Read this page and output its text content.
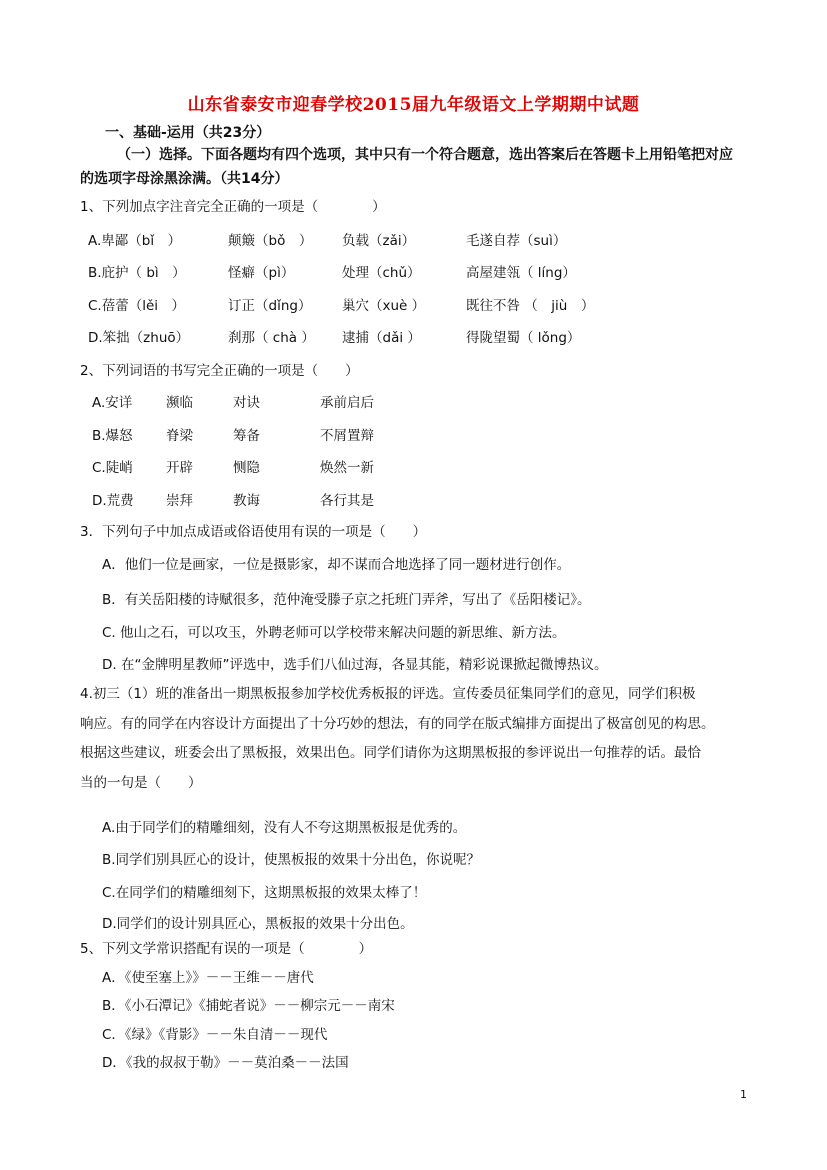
山东省泰安市迎春学校2015届九年级语文上学期期中试题
一、基础-运用（共23分）
（一）选择。下面各题均有四个选项，其中只有一个符合题意，选出答案后在答题卡上用铅笔把对应
的选项字母涂黑涂满。（共14分）
1、下列加点字注音完全正确的一项是（　　　　）
A.卑鄙（bǐ　）	颠簸（bǒ　） 负载（zǎi）	毛遂自荐（suì）
B.庇护（ bì　）	怪癖（pì）	处理（chǔ）	高屋建瓴（ líng）
C.蓓蕾（lěi　）	订正（dǐng） 巢穴（xuè ）	既往不咎 （　jiù　）
D.笨拙（zhuō）	刹那（ chà ） 逮捕（dǎi ）	得陇望蜀（ lǒng）
2、下列词语的书写完全正确的一项是（　　）
A.安详 濒临	对诀	承前启后
B.爆怒 脊梁	筹备	不屑置辩
C.陡峭 开辟	恻隐	焕然一新
D.荒费 崇拜	教诲	各行其是
3．下列句子中加点成语或俗语使用有误的一项是（　　）
A．他们一位是画家，一位是摄影家，却不谋而合地选择了同一题材进行创作。
B．有关岳阳楼的诗赋很多，范仲淹受滕子京之托班门弄斧，写出了《岳阳楼记》。
C. 他山之石，可以攻玉，外聘老师可以学校带来解决问题的新思维、新方法。
D. 在“金牌明星教师”评选中，选手们八仙过海，各显其能，精彩说课掀起微博热议。
4.初三（1）班的准备出一期黑板报参加学校优秀板报的评选。宣传委员征集同学们的意见，同学们积极
响应。有的同学在内容设计方面提出了十分巧妙的想法，有的同学在版式编排方面提出了极富创见的构思。
根据这些建议，班委会出了黑板报，效果出色。同学们请你为这期黑板报的参评说出一句推荐的话。最恰
当的一句是（　　）
A.由于同学们的精雕细刻，没有人不夸这期黑板报是优秀的。
B.同学们别具匠心的设计，使黑板报的效果十分出色，你说呢？
C.在同学们的精雕细刻下，这期黑板报的效果太棒了！
D.同学们的设计别具匠心，黑板报的效果十分出色。
5、下列文学常识搭配有误的一项是（　　　　）
A．《使至塞上》》－－王维－－唐代
B．《小石潭记》《捕蛇者说》－－柳宗元－－南宋
C．《绿》《背影》－－朱自清－－现代
D．《我的叔叔于勒》－－莫泊桑－－法国
1
